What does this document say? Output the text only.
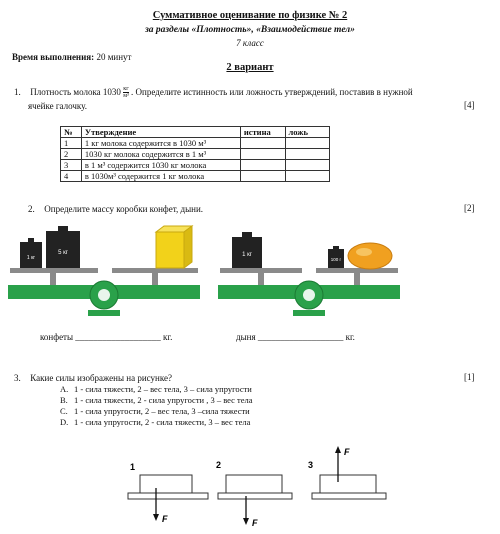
Суммативное оценивание по физике № 2
за разделы «Плотность», «Взаимодействие тел»
7 класс
Время выполнения: 20 минут
2 вариант
1. Плотность молока 1030 кг
м³ . Определите истинность или ложность утверждений, поставив в нужной
ячейке галочку.	[4]
№	Утверждение	истина	ложь
1	1 кг молока содержится в 1030 м³		
2	1030 кг молока содержится в 1 м³		
3	в 1 м³ содержится 1030 кг молока		
4	в 1030м³ содержится 1 кг молока		
2. Определите массу коробки конфет, дыни.	[2]
1 кг
5 кг	1 кг
100 г
конфеты ___________________ кг.	дыня ___________________ кг.
3. Какие силы изображены на рисунке?	[1]
A. 1 - сила тяжести, 2 – вес тела, 3 – сила упругости
B. 1 - сила тяжести, 2 - сила упругости , 3 – вес тела
C. 1 - сила упругости, 2 – вес тела, 3 –сила тяжести
D. 1 - сила упругости, 2 - сила тяжести, 3 – вес тела
1
F
2
F
3
F
